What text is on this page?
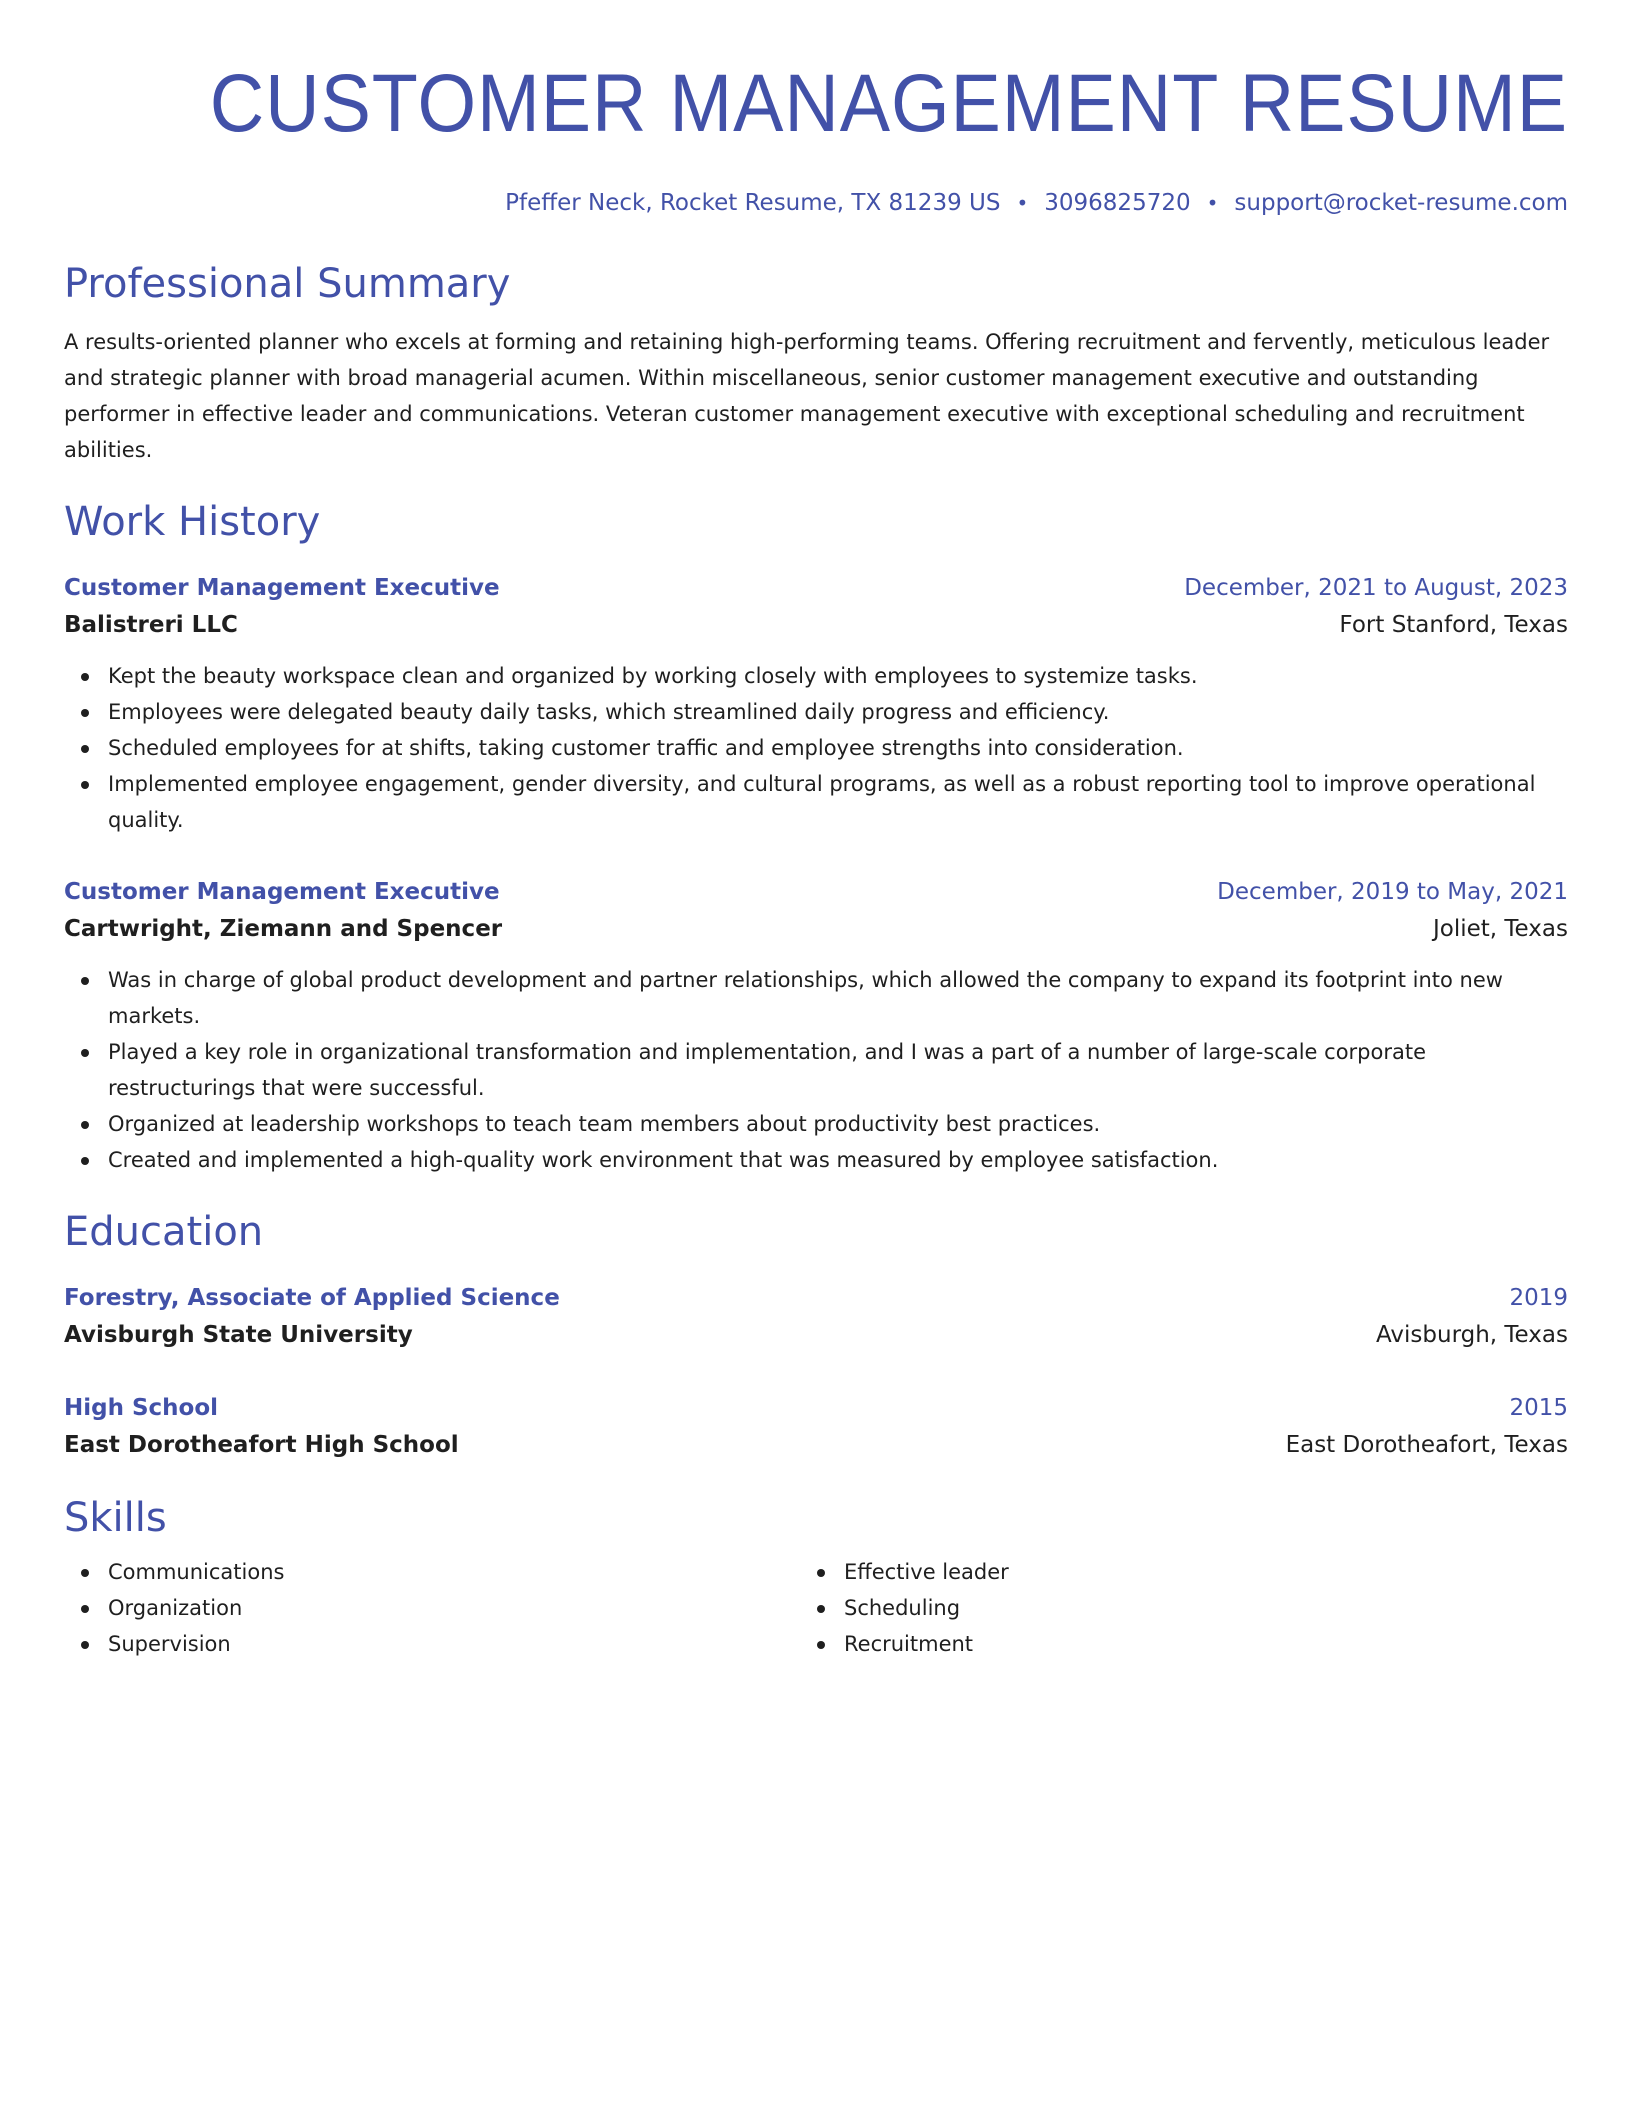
CUSTOMER MANAGEMENT RESUME
Pfeffer Neck, Rocket Resume, TX 81239 US • 3096825720 • support@rocket-resume.com
Professional Summary

A results-oriented planner who excels at forming and retaining high-performing teams. Offering recruitment and fervently, meticulous leader and strategic planner with broad managerial acumen. Within miscellaneous, senior customer management executive and outstanding performer in effective leader and communications. Veteran customer management executive with exceptional scheduling and recruitment abilities.

Work History
Customer Management Executive	December, 2021 to August, 2023
Balistreri LLC	Fort Stanford, Texas
Kept the beauty workspace clean and organized by working closely with employees to systemize tasks.
Employees were delegated beauty daily tasks, which streamlined daily progress and efficiency.
Scheduled employees for at shifts, taking customer traffic and employee strengths into consideration.
Implemented employee engagement, gender diversity, and cultural programs, as well as a robust reporting tool to improve operational quality.
Customer Management Executive	December, 2019 to May, 2021
Cartwright, Ziemann and Spencer	Joliet, Texas
Was in charge of global product development and partner relationships, which allowed the company to expand its footprint into new markets.
Played a key role in organizational transformation and implementation, and I was a part of a number of large-scale corporate restructurings that were successful.
Organized at leadership workshops to teach team members about productivity best practices.
Created and implemented a high-quality work environment that was measured by employee satisfaction.
Education
Forestry, Associate of Applied Science	2019
Avisburgh State University	Avisburgh, Texas
High School	2015
East Dorotheafort High School	East Dorotheafort, Texas
Skills
Communications
Organization
Supervision
Effective leader
Scheduling
Recruitment
